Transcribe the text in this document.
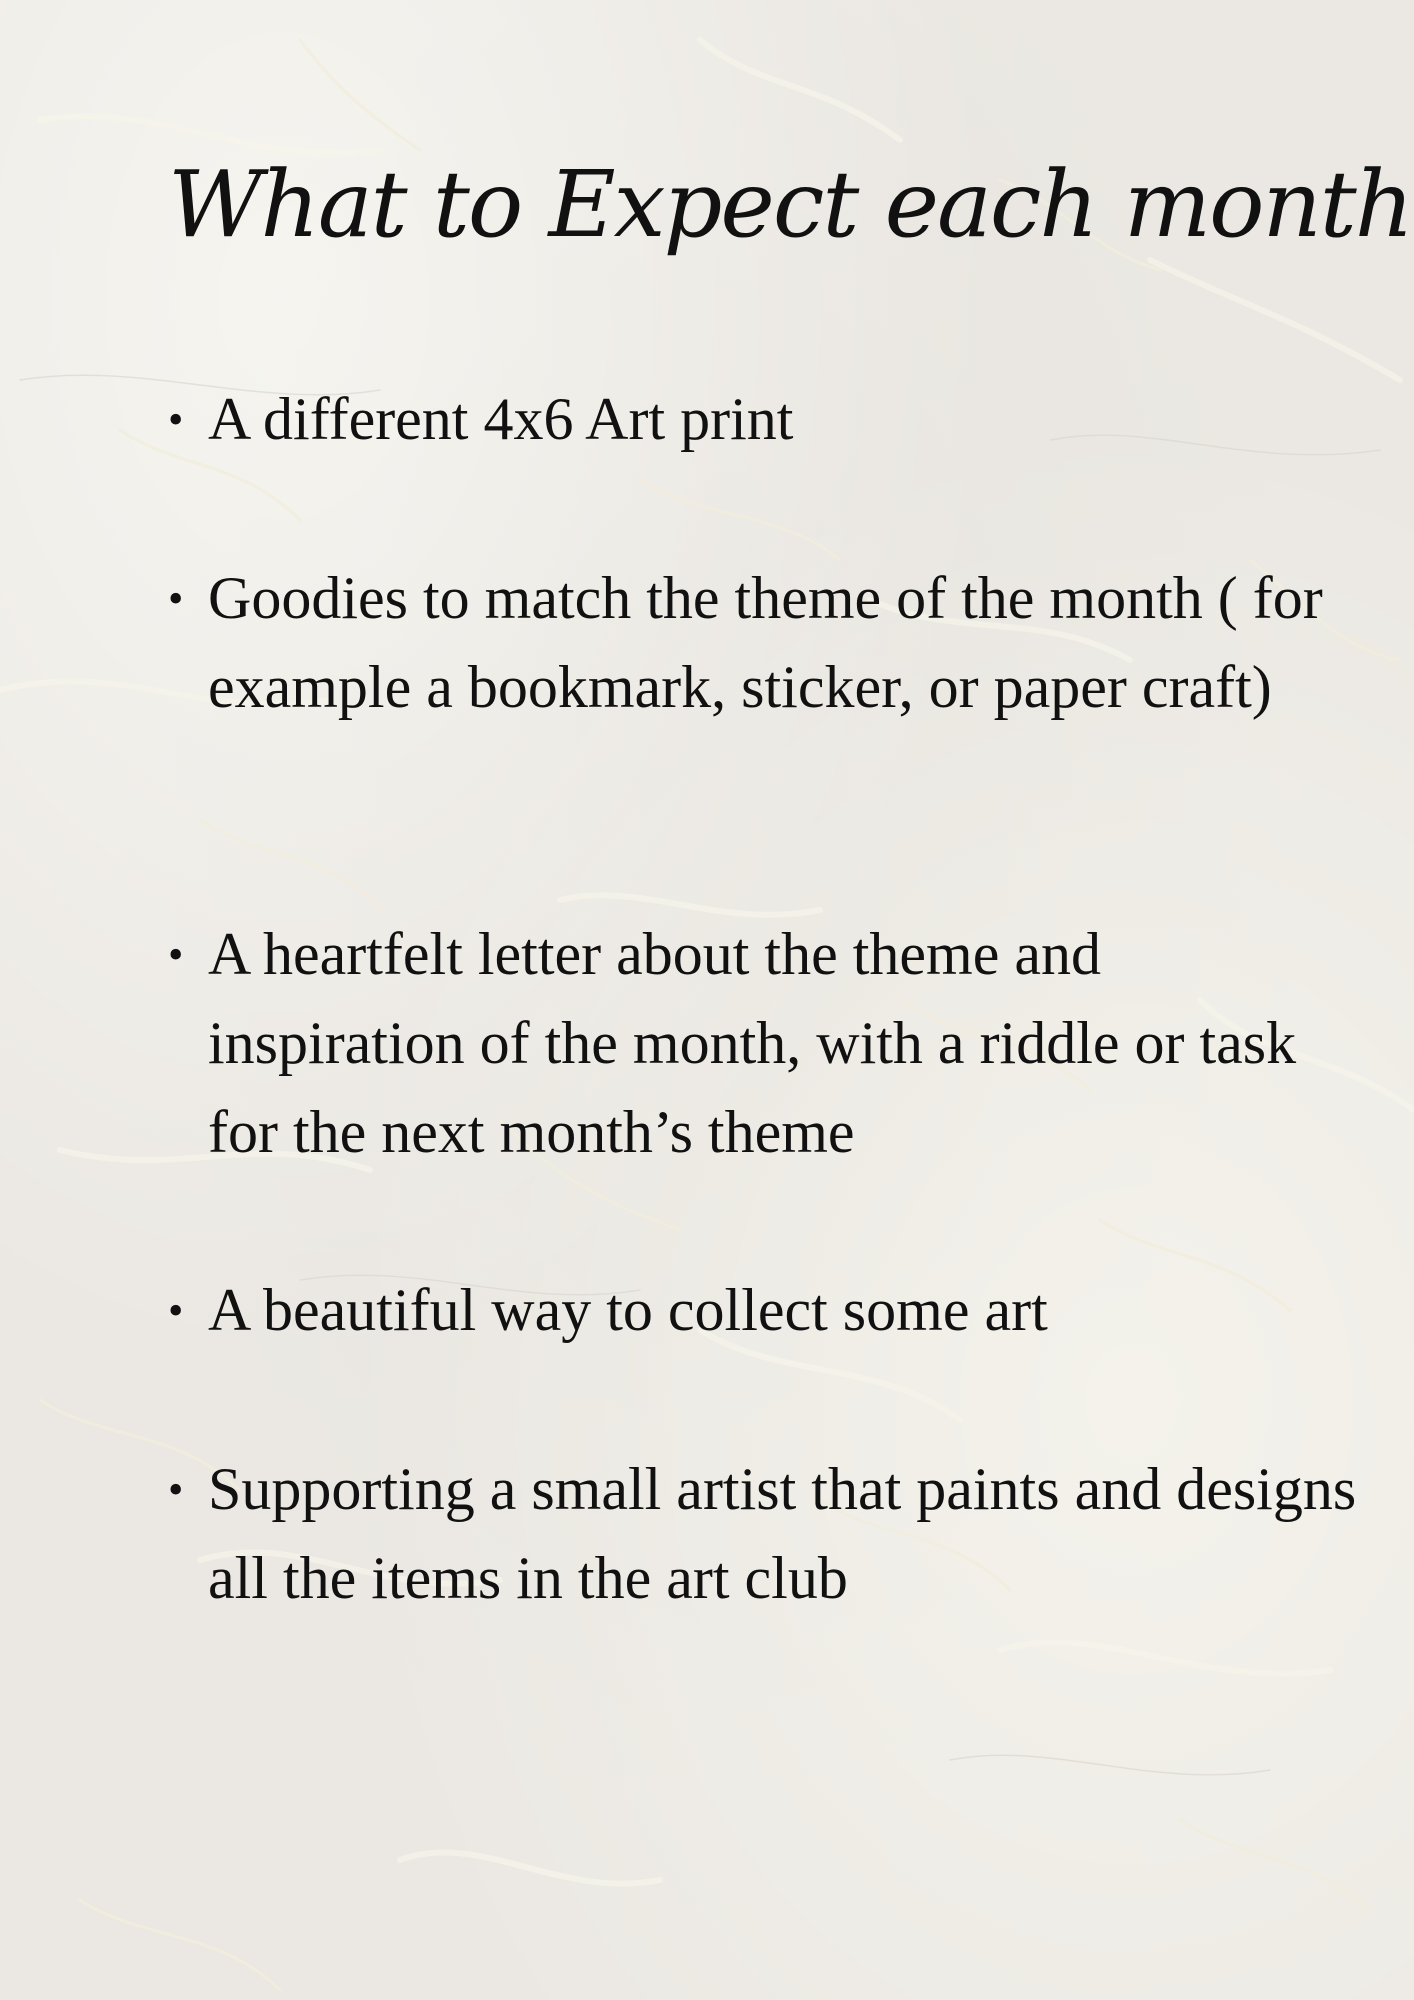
What to Expect each month
• A different 4x6 Art print
• Goodies to match the theme of the month ( for example a bookmark, sticker, or paper craft)
• A heartfelt letter about the theme and inspiration of the month, with a riddle or task for the next month’s theme
• A beautiful way to collect some art
• Supporting a small artist that paints and designs all the items in the art club
